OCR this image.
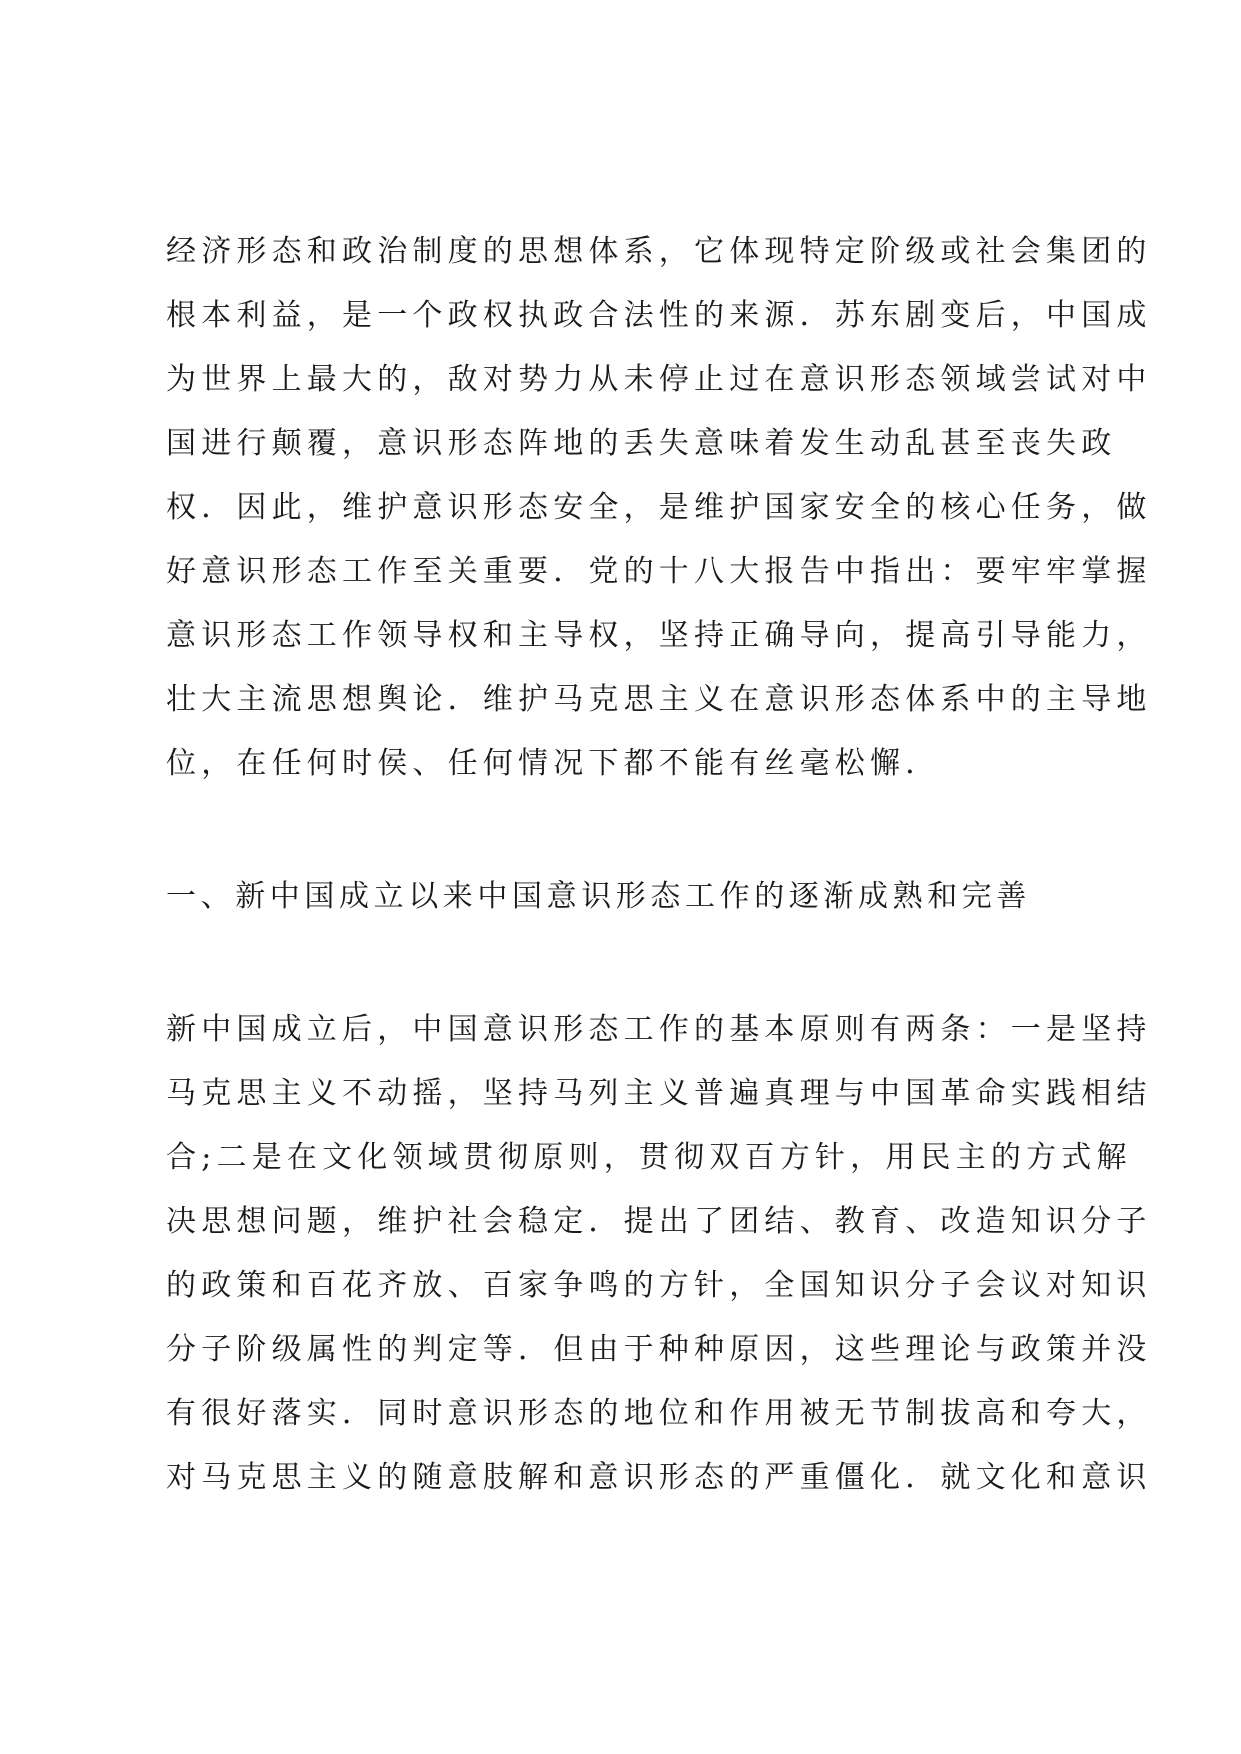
经济形态和政治制度的思想体系，它体现特定阶级或社会集团的
根本利益，是一个政权执政合法性的来源．苏东剧变后，中国成
为世界上最大的，敌对势力从未停止过在意识形态领域尝试对中
国进行颠覆，意识形态阵地的丢失意味着发生动乱甚至丧失政
权．因此，维护意识形态安全，是维护国家安全的核心任务，做
好意识形态工作至关重要．党的十八大报告中指出：要牢牢掌握
意识形态工作领导权和主导权，坚持正确导向，提高引导能力，
壮大主流思想舆论．维护马克思主义在意识形态体系中的主导地
位，在任何时侯、任何情况下都不能有丝毫松懈．
一、新中国成立以来中国意识形态工作的逐渐成熟和完善
新中国成立后，中国意识形态工作的基本原则有两条：一是坚持
马克思主义不动摇，坚持马列主义普遍真理与中国革命实践相结
合;二是在文化领域贯彻原则，贯彻双百方针，用民主的方式解
决思想问题，维护社会稳定．提出了团结、教育、改造知识分子
的政策和百花齐放、百家争鸣的方针，全国知识分子会议对知识
分子阶级属性的判定等．但由于种种原因，这些理论与政策并没
有很好落实．同时意识形态的地位和作用被无节制拔高和夸大，
对马克思主义的随意肢解和意识形态的严重僵化．就文化和意识
